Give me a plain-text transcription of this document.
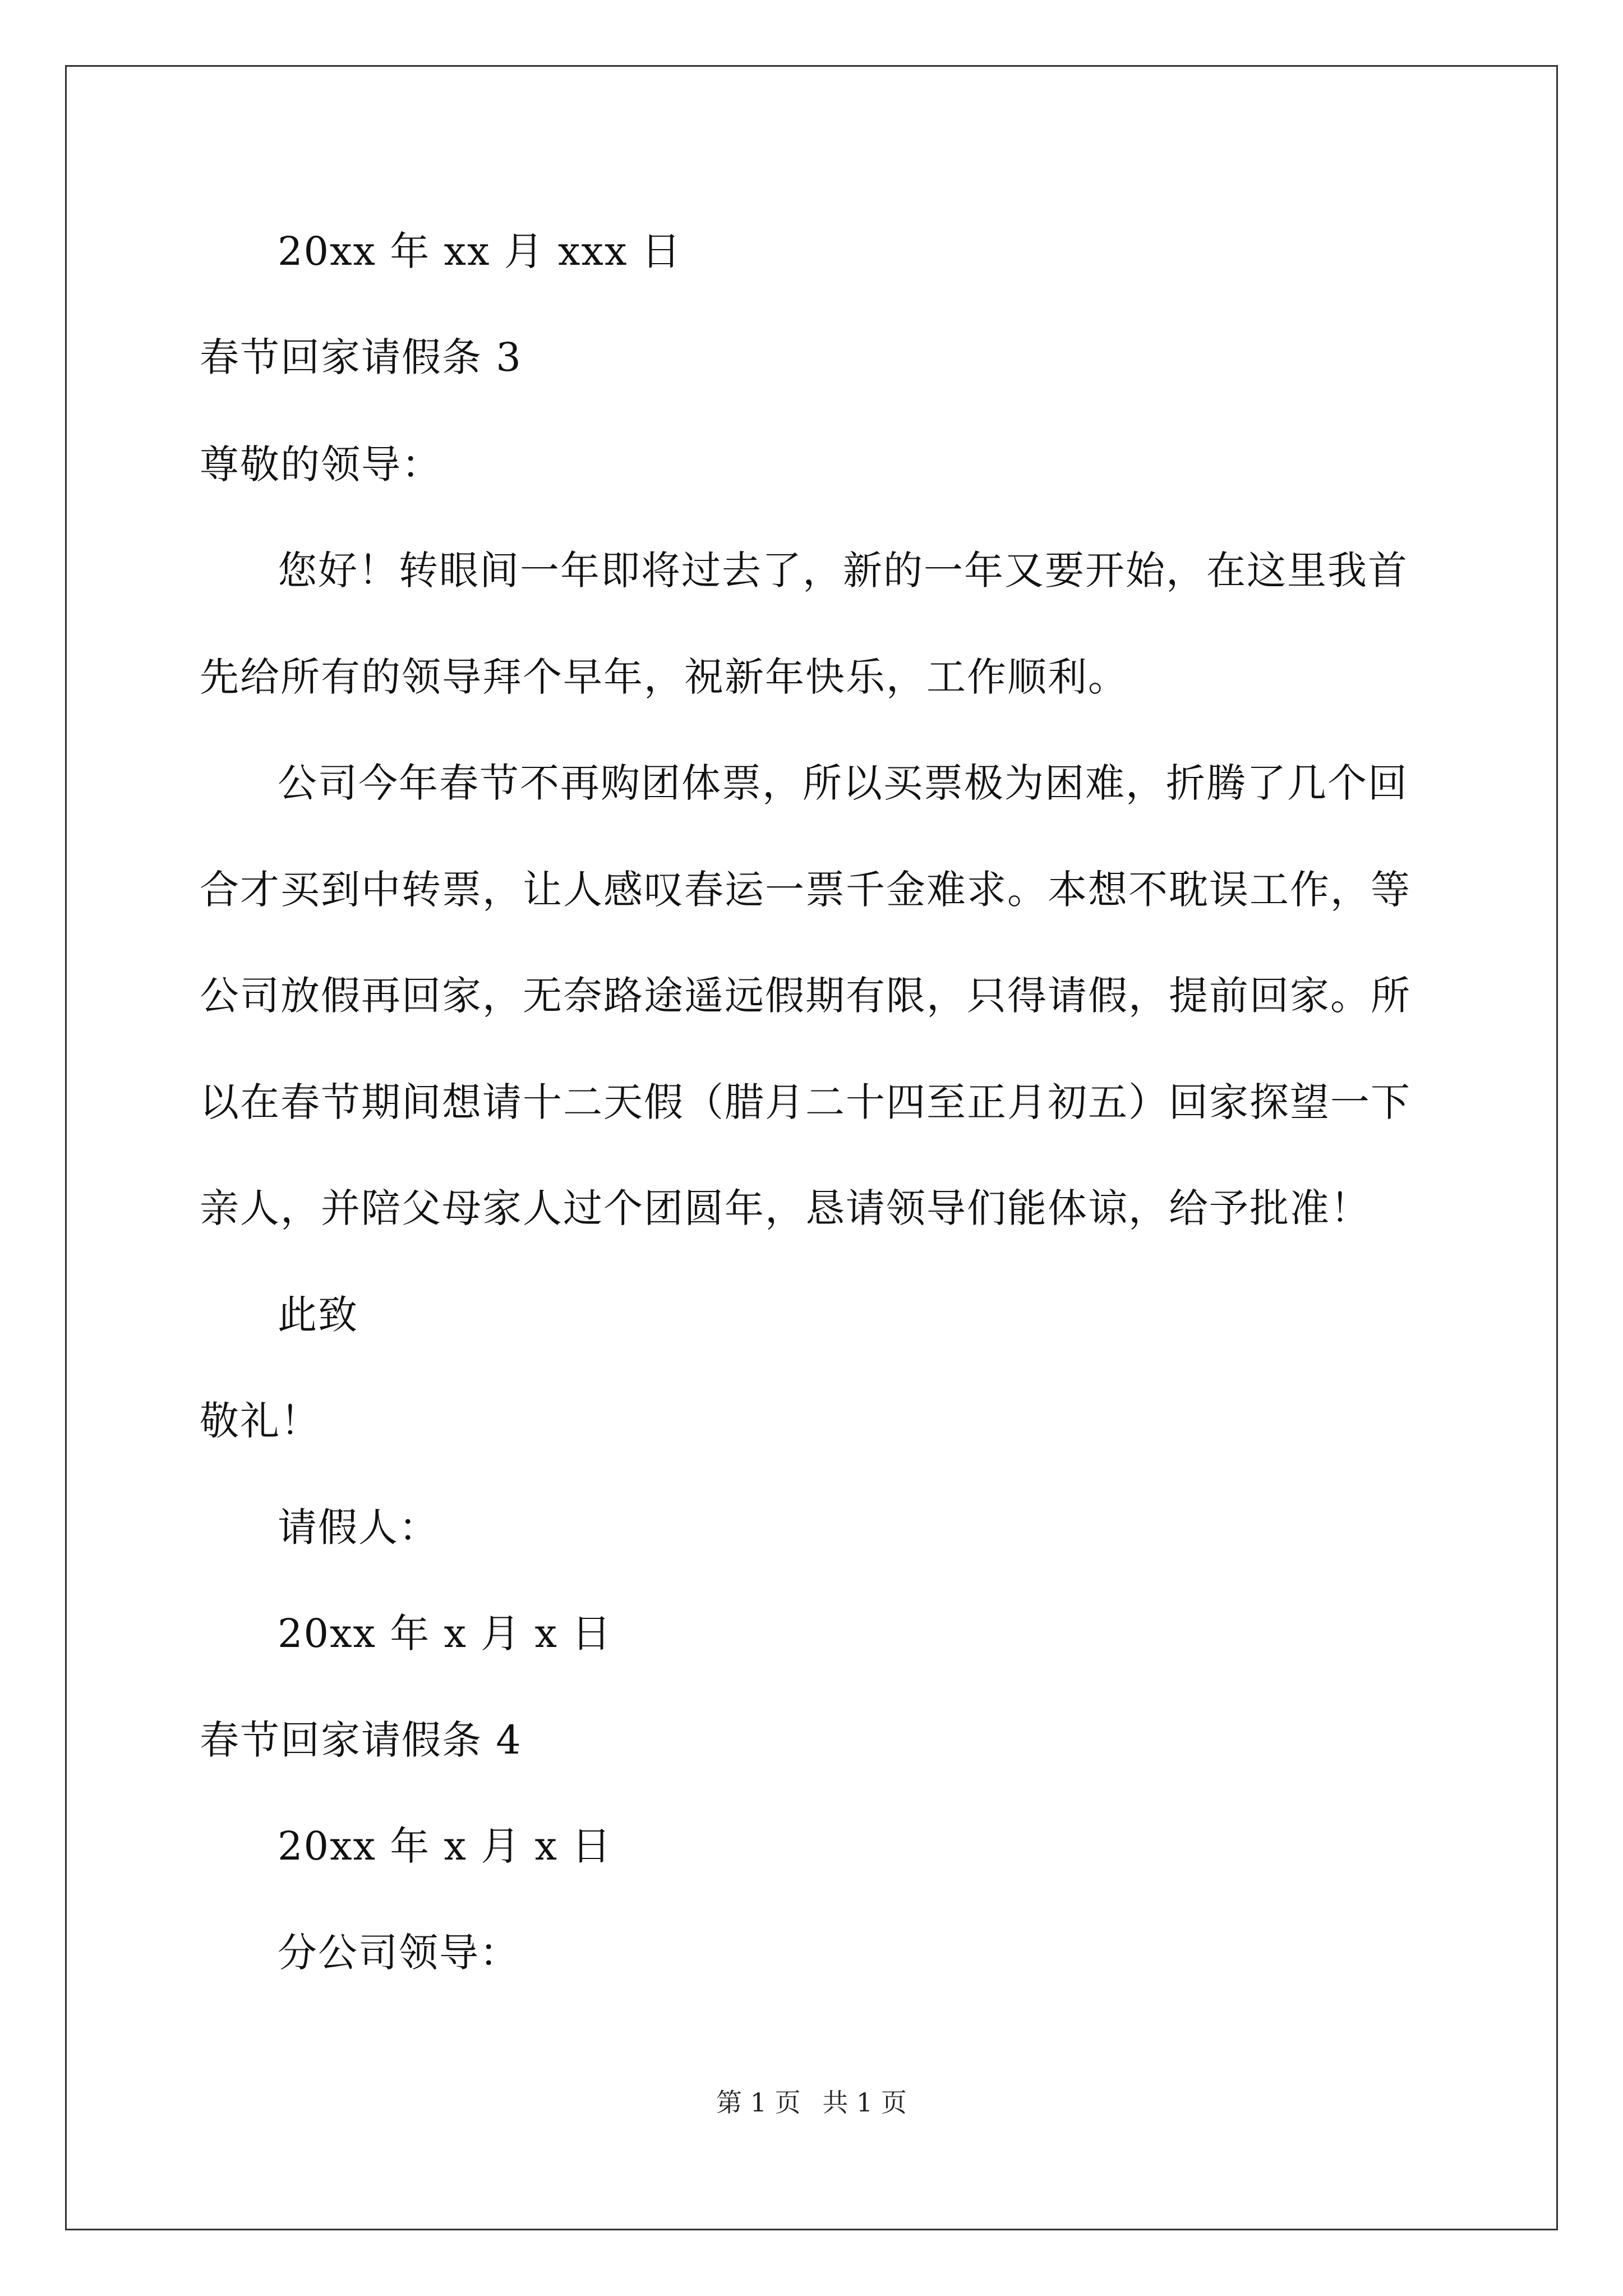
20xx 年 xx 月 xxx 日
春节回家请假条 3
尊敬的领导：
您好！转眼间一年即将过去了，新的一年又要开始，在这里我首
先给所有的领导拜个早年，祝新年快乐，工作顺利。
公司今年春节不再购团体票，所以买票极为困难，折腾了几个回
合才买到中转票，让人感叹春运一票千金难求。本想不耽误工作，等
公司放假再回家，无奈路途遥远假期有限，只得请假，提前回家。所
以在春节期间想请十二天假（腊月二十四至正月初五）回家探望一下
亲人，并陪父母家人过个团圆年，恳请领导们能体谅，给予批准！
此致
敬礼！
请假人：
20xx 年 x 月 x 日
春节回家请假条 4
20xx 年 x 月 x 日
分公司领导：
第 1 页 共 1 页
